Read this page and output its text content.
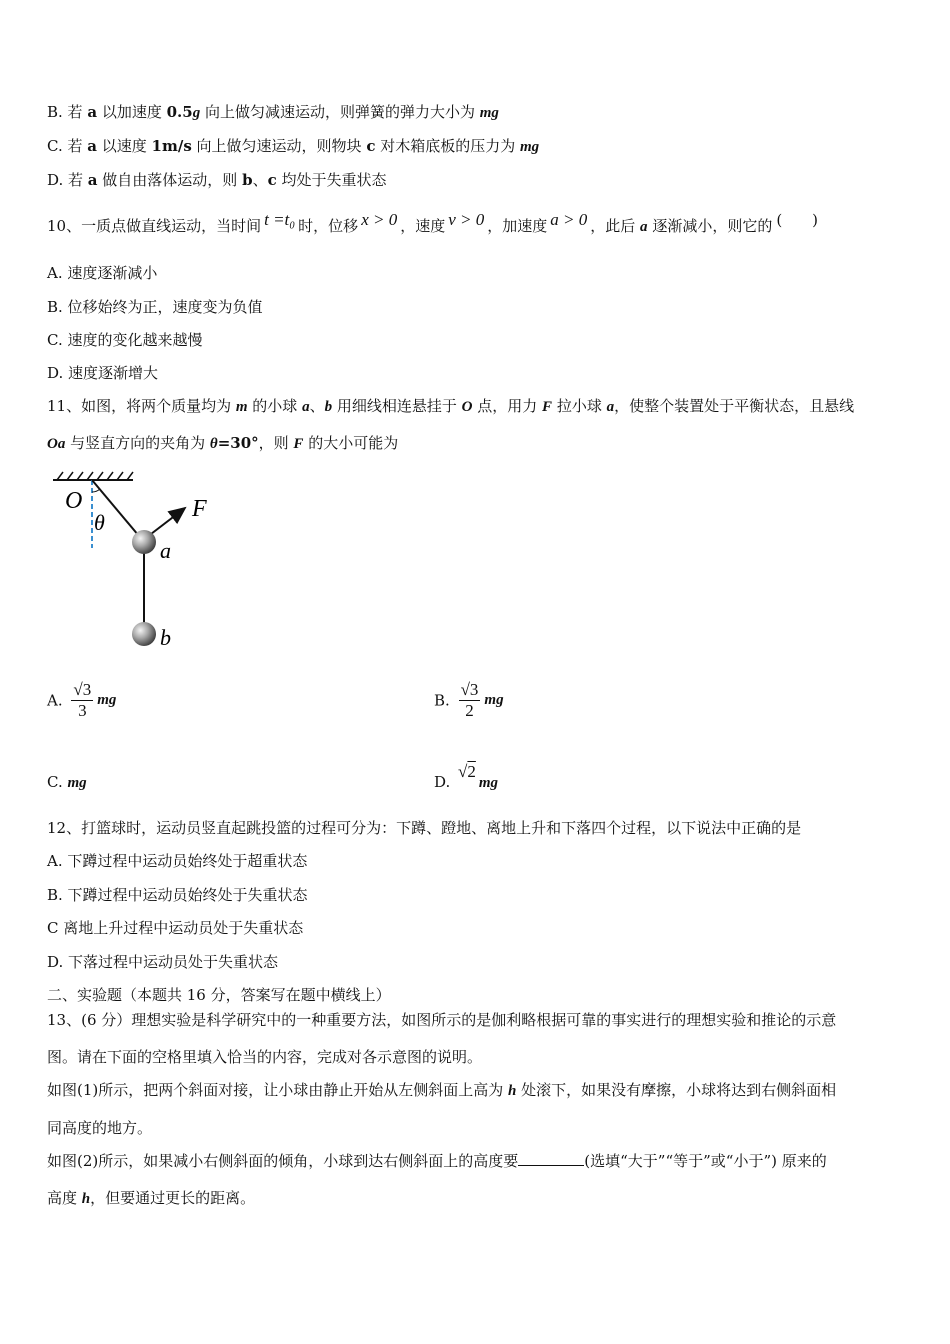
B. 若 a 以加速度 0.5g 向上做匀减速运动，则弹簧的弹力大小为 mg
C. 若 a 以速度 1m/s 向上做匀速运动，则物块 c 对木箱底板的压力为 mg
D. 若 a 做自由落体运动，则 b、c 均处于失重状态
10、一质点做直线运动，当时间 t =t₀ 时，位移 x > 0 ，速度 v > 0 ，加速度 a > 0 ，此后 a 逐渐减小，则它的 (　　)
A. 速度逐渐减小
B. 位移始终为正，速度变为负值
C. 速度的变化越来越慢
D. 速度逐渐增大
11、如图，将两个质量均为 m 的小球 a、b 用细线相连悬挂于 O 点，用力 F 拉小球 a，使整个装置处于平衡状态，且悬线
Oa 与竖直方向的夹角为 θ=30°，则 F 的大小可能为
O
θ
F
a
b
A. $\frac{√3}{3}$ mg	B. $\frac{√3}{2}$ mg
C. mg	D. √2mg
12、打篮球时，运动员竖直起跳投篮的过程可分为：下蹲、蹬地、离地上升和下落四个过程，以下说法中正确的是
A. 下蹲过程中运动员始终处于超重状态
B. 下蹲过程中运动员始终处于失重状态
C 离地上升过程中运动员处于失重状态
D. 下落过程中运动员处于失重状态
二、实验题（本题共 16 分，答案写在题中横线上）
13、(6 分）理想实验是科学研究中的一种重要方法，如图所示的是伽利略根据可靠的事实进行的理想实验和推论的示意
图。请在下面的空格里填入恰当的内容，完成对各示意图的说明。
如图(1)所示，把两个斜面对接，让小球由静止开始从左侧斜面上高为 h 处滚下，如果没有摩擦，小球将达到右侧斜面相
同高度的地方。
如图(2)所示，如果减小右侧斜面的倾角，小球到达右侧斜面上的高度要	(选填“大于”“等于”或“小于”) 原来的
高度 h，但要通过更长的距离。
